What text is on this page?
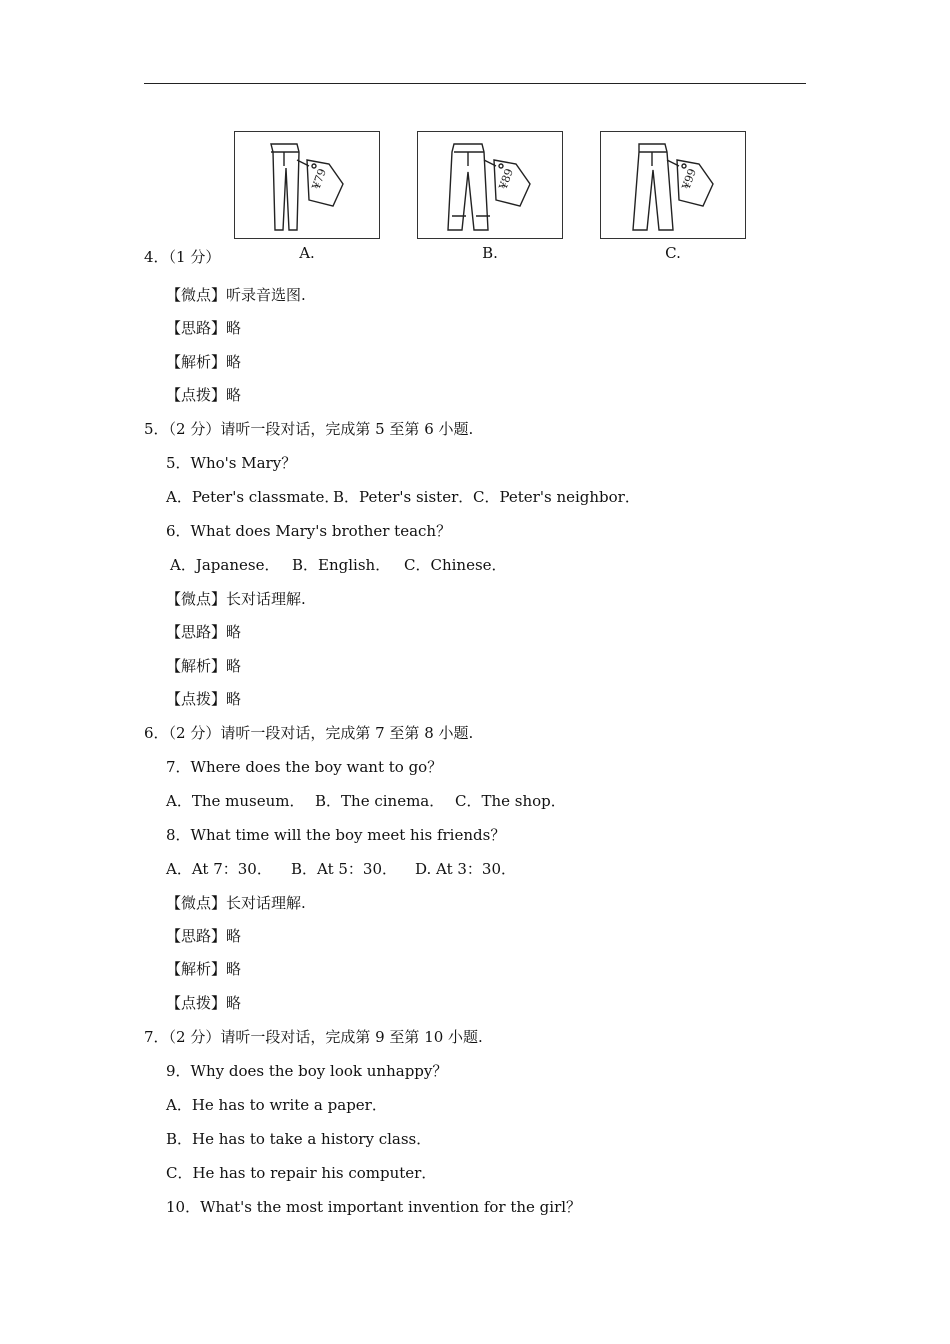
¥79
A.
¥89
B.
¥99
C.
4．（1 分）
【微点】听录音选图.
【思路】略
【解析】略
【点拨】略
5．（2 分）请听一段对话，完成第 5 至第 6 小题.
5．Who's Mary？
A．Peter's classmate．
B．Peter's sister． C．Peter's neighbor．
6．What does Mary's brother teach？
A．Japanese． B．English． C．Chinese．
【微点】长对话理解.
【思路】略
【解析】略
【点拨】略
6．（2 分）请听一段对话，完成第 7 至第 8 小题.
7．Where does the boy want to go？
A．The museum． B．The cinema． C．The shop．
8．What time will the boy meet his friends？
A．At 7：30． B．At 5：30． D. At 3：30．
【微点】长对话理解.
【思路】略
【解析】略
【点拨】略
7．（2 分）请听一段对话，完成第 9 至第 10 小题.
9．Why does the boy look unhappy？
A．He has to write a paper．
B．He has to take a history class．
C．He has to repair his computer．
10．What's the most important invention for the girl？
